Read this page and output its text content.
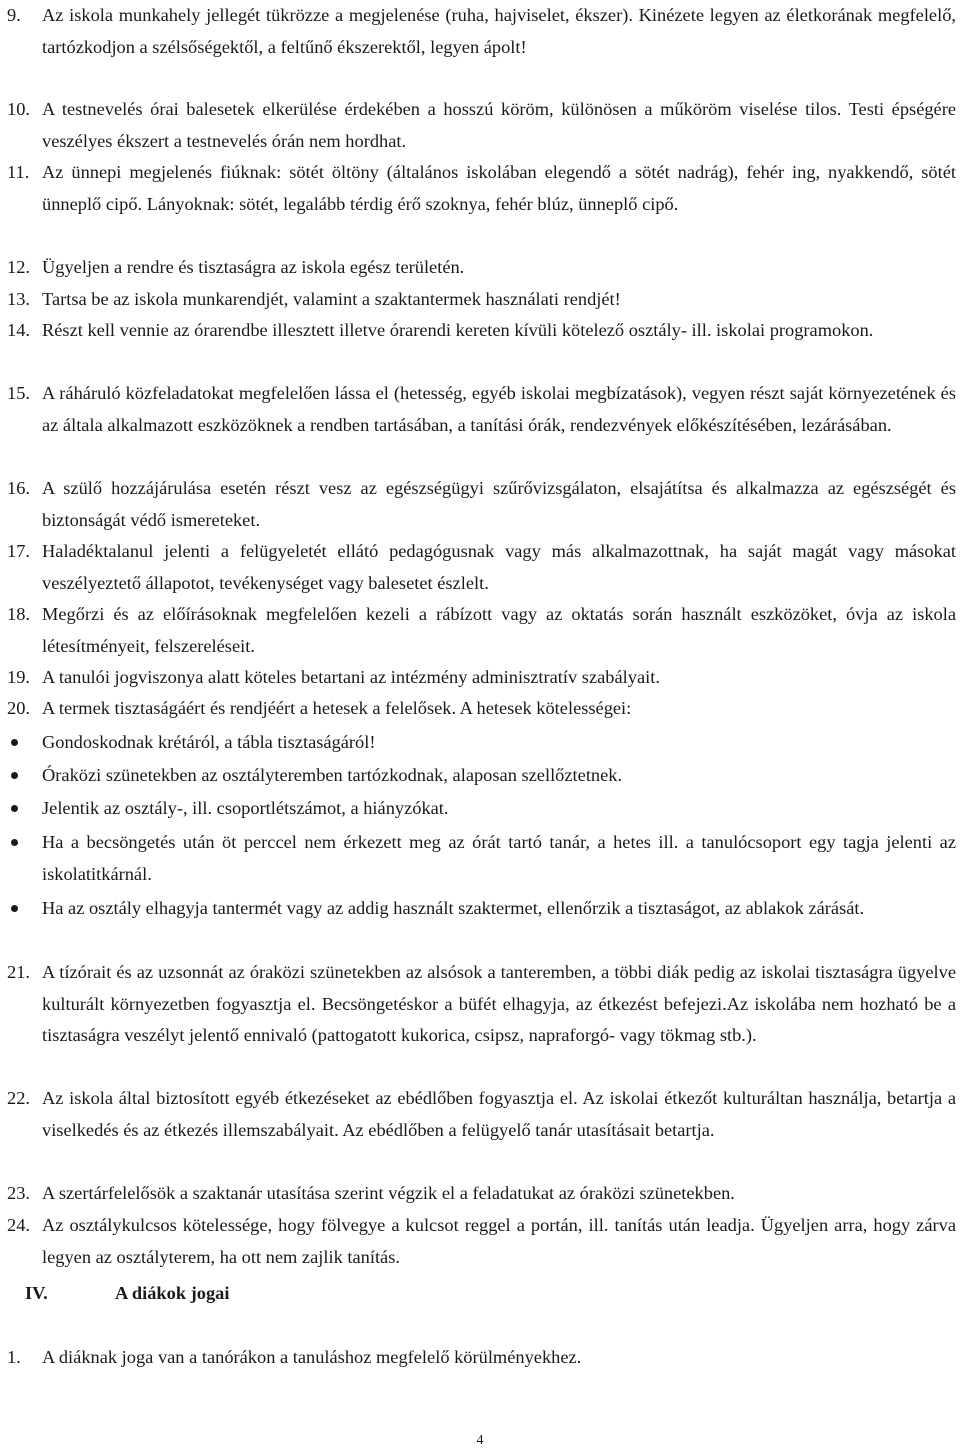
9. Az iskola munkahely jellegét tükrözze a megjelenése (ruha, hajviselet, ékszer). Kinézete legyen az életkorának megfelelő, tartózkodjon a szélsőségektől, a feltűnő ékszerektől, legyen ápolt!

10. A testnevelés órai balesetek elkerülése érdekében a hosszú köröm, különösen a műköröm viselése tilos. Testi épségére veszélyes ékszert a testnevelés órán nem hordhat.

11. Az ünnepi megjelenés fiúknak: sötét öltöny (általános iskolában elegendő a sötét nadrág), fehér ing, nyakkendő, sötét ünneplő cipő. Lányoknak: sötét, legalább térdig érő szoknya, fehér blúz, ünneplő cipő.

12. Ügyeljen a rendre és tisztaságra az iskola egész területén.

13. Tartsa be az iskola munkarendjét, valamint a szaktantermek használati rendjét!

14. Részt kell vennie az órarendbe illesztett illetve órarendi kereten kívüli kötelező osztály- ill. iskolai programokon.

15. A ráháruló közfeladatokat megfelelően lássa el (hetesség, egyéb iskolai megbízatások), vegyen részt saját környezetének és az általa alkalmazott eszközöknek a rendben tartásában, a tanítási órák, rendezvények előkészítésében, lezárásában.

16. A szülő hozzájárulása esetén részt vesz az egészségügyi szűrővizsgálaton, elsajátítsa és alkalmazza az egészségét és biztonságát védő ismereteket.

17. Haladéktalanul jelenti a felügyeletét ellátó pedagógusnak vagy más alkalmazottnak, ha saját magát vagy másokat veszélyeztető állapotot, tevékenységet vagy balesetet észlelt.

18. Megőrzi és az előírásoknak megfelelően kezeli a rábízott vagy az oktatás során használt eszközöket, óvja az iskola létesítményeit, felszereléseit.

19. A tanulói jogviszonya alatt köteles betartani az intézmény adminisztratív szabályait.

20. A termek tisztaságáért és rendjéért a hetesek a felelősek. A hetesek kötelességei:

Gondoskodnak krétáról, a tábla tisztaságáról!

Óraközi szünetekben az osztályteremben tartózkodnak, alaposan szellőztetnek.

Jelentik az osztály-, ill. csoportlétszámot, a hiányzókat.

Ha a becsöngetés után öt perccel nem érkezett meg az órát tartó tanár, a hetes ill. a tanulócsoport egy tagja jelenti az iskolatitkárnál.

Ha az osztály elhagyja tantermét vagy az addig használt szaktermet, ellenőrzik a tisztaságot, az ablakok zárását.

21. A tízórait és az uzsonnát az óraközi szünetekben az alsósok a tanteremben, a többi diák pedig az iskolai tisztaságra ügyelve kulturált környezetben fogyasztja el. Becsöngetéskor a büfét elhagyja, az étkezést befejezi.Az iskolába nem hozható be a tisztaságra veszélyt jelentő ennivaló (pattogatott kukorica, csipsz, napraforgó- vagy tökmag stb.).

22. Az iskola által biztosított egyéb étkezéseket az ebédlőben fogyasztja el. Az iskolai étkezőt kulturáltan használja, betartja a viselkedés és az étkezés illemszabályait. Az ebédlőben a felügyelő tanár utasításait betartja.

23. A szertárfelelősök a szaktanár utasítása szerint végzik el a feladatukat az óraközi szünetekben.

24. Az osztálykulcsos kötelessége, hogy fölvegye a kulcsot reggel a portán, ill. tanítás után leadja. Ügyeljen arra, hogy zárva legyen az osztályterem, ha ott nem zajlik tanítás.

IV.	A diákok jogai
1. A diáknak joga van a tanórákon a tanuláshoz megfelelő körülményekhez.

4
